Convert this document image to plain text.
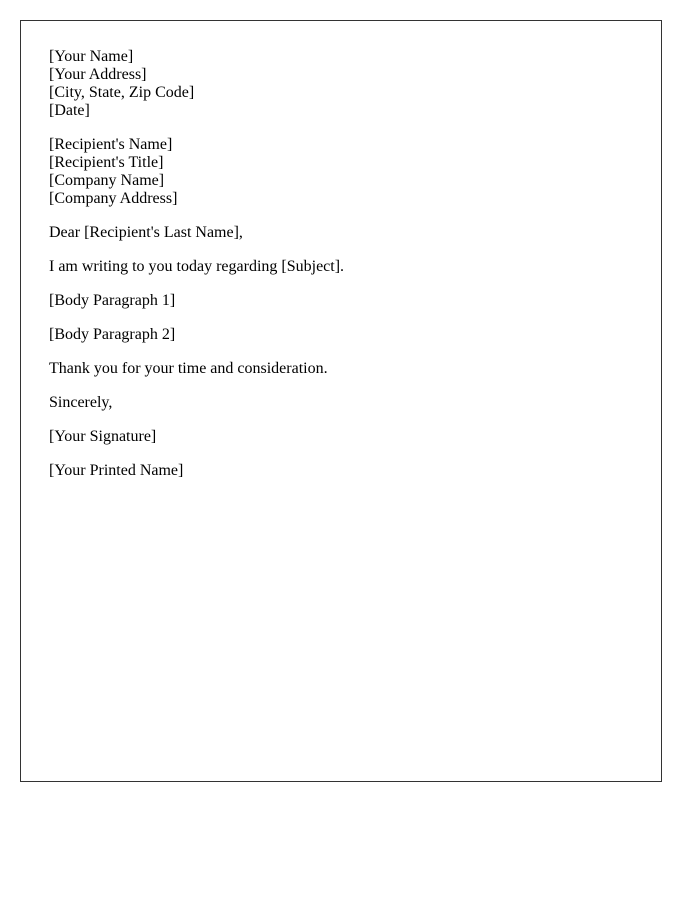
[Your Name]
[Your Address]
[City, State, Zip Code]
[Date]
[Recipient's Name]
[Recipient's Title]
[Company Name]
[Company Address]

Dear [Recipient's Last Name],

I am writing to you today regarding [Subject].

[Body Paragraph 1]

[Body Paragraph 2]

Thank you for your time and consideration.

Sincerely,

[Your Signature]

[Your Printed Name]
